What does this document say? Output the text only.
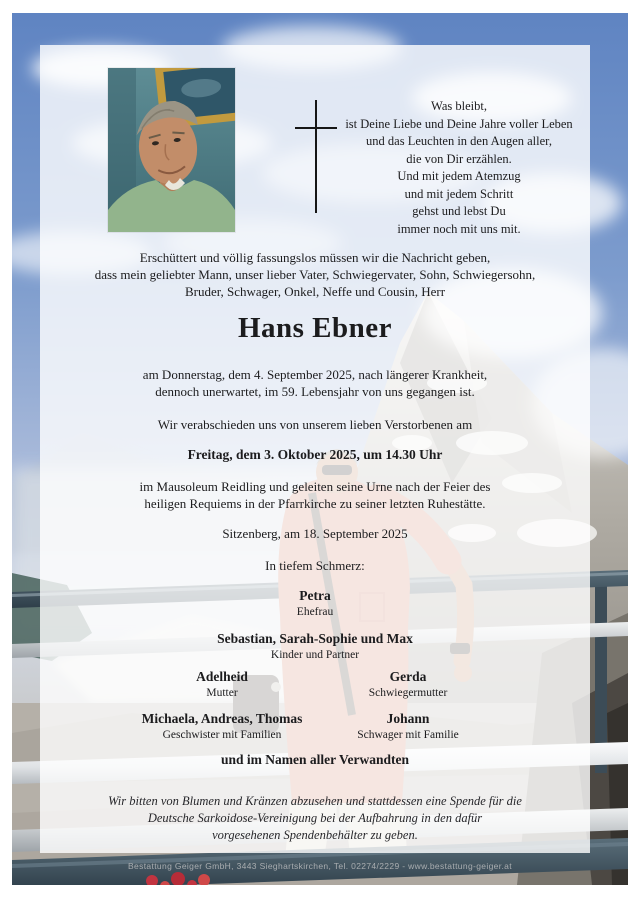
Was bleibt,
ist Deine Liebe und Deine Jahre voller Leben
und das Leuchten in den Augen aller,
die von Dir erzählen.
Und mit jedem Atemzug
und mit jedem Schritt
gehst und lebst Du
immer noch mit uns mit.
Erschüttert und völlig fassungslos müssen wir die Nachricht geben,
dass mein geliebter Mann, unser lieber Vater, Schwiegervater, Sohn, Schwiegersohn,
Bruder, Schwager, Onkel, Neffe und Cousin, Herr
Hans Ebner
am Donnerstag, dem 4. September 2025, nach längerer Krankheit,
dennoch unerwartet, im 59. Lebensjahr von uns gegangen ist.
Wir verabschieden uns von unserem lieben Verstorbenen am
Freitag, dem 3. Oktober 2025, um 14.30 Uhr
im Mausoleum Reidling und geleiten seine Urne nach der Feier des
heiligen Requiems in der Pfarrkirche zu seiner letzten Ruhestätte.
Sitzenberg, am 18. September 2025
In tiefem Schmerz:
Petra
Ehefrau
Sebastian, Sarah-Sophie und Max
Kinder und Partner
Adelheid
Mutter
Gerda
Schwiegermutter
Michaela, Andreas, Thomas
Geschwister mit Familien
Johann
Schwager mit Familie
und im Namen aller Verwandten
Wir bitten von Blumen und Kränzen abzusehen und stattdessen eine Spende für die
Deutsche Sarkoidose-Vereinigung bei der Aufbahrung in den dafür
vorgesehenen Spendenbehälter zu geben.
Bestattung Geiger GmbH, 3443 Sieghartskirchen, Tel. 02274/2229 - www.bestattung-geiger.at
